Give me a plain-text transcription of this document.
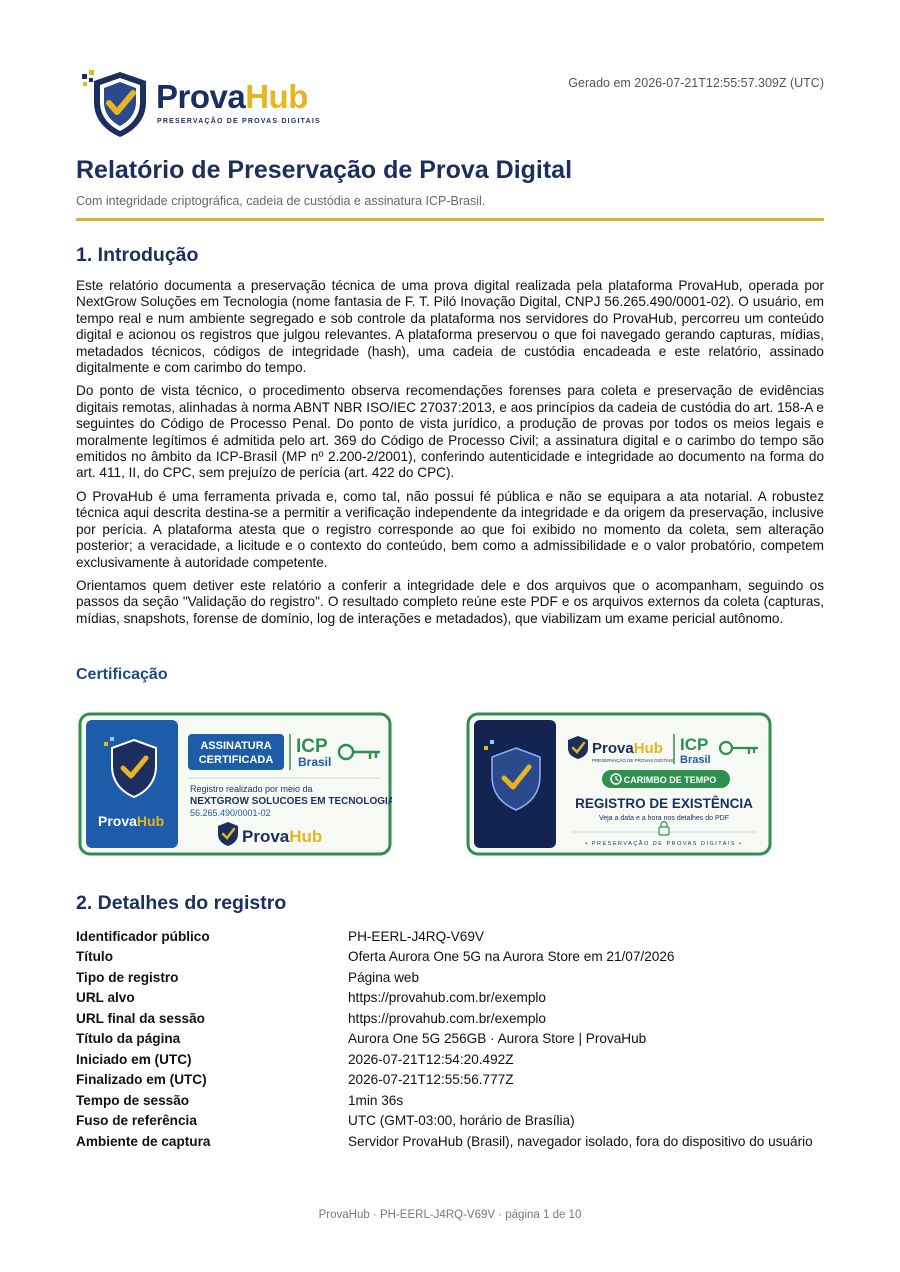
ProvaHub
PRESERVAÇÃO DE PROVAS DIGITAIS
Gerado em 2026-07-21T12:55:57.309Z (UTC)
Relatório de Preservação de Prova Digital
Com integridade criptográfica, cadeia de custódia e assinatura ICP-Brasil.
1. Introdução

Este relatório documenta a preservação técnica de uma prova digital realizada pela plataforma ProvaHub, operada por NextGrow Soluções em Tecnologia (nome fantasia de F. T. Piló Inovação Digital, CNPJ 56.265.490/0001-02). O usuário, em tempo real e num ambiente segregado e sob controle da plataforma nos servidores do ProvaHub, percorreu um conteúdo digital e acionou os registros que julgou relevantes. A plataforma preservou o que foi navegado gerando capturas, mídias, metadados técnicos, códigos de integridade (hash), uma cadeia de custódia encadeada e este relatório, assinado digitalmente e com carimbo do tempo.

Do ponto de vista técnico, o procedimento observa recomendações forenses para coleta e preservação de evidências digitais remotas, alinhadas à norma ABNT NBR ISO/IEC 27037:2013, e aos princípios da cadeia de custódia do art. 158-A e seguintes do Código de Processo Penal. Do ponto de vista jurídico, a produção de provas por todos os meios legais e moralmente legítimos é admitida pelo art. 369 do Código de Processo Civil; a assinatura digital e o carimbo do tempo são emitidos no âmbito da ICP-Brasil (MP nº 2.200-2/2001), conferindo autenticidade e integridade ao documento na forma do art. 411, II, do CPC, sem prejuízo de perícia (art. 422 do CPC).

O ProvaHub é uma ferramenta privada e, como tal, não possui fé pública e não se equipara a ata notarial. A robustez técnica aqui descrita destina-se a permitir a verificação independente da integridade e da origem da preservação, inclusive por perícia. A plataforma atesta que o registro corresponde ao que foi exibido no momento da coleta, sem alteração posterior; a veracidade, a licitude e o contexto do conteúdo, bem como a admissibilidade e o valor probatório, competem exclusivamente à autoridade competente.

Orientamos quem detiver este relatório a conferir a integridade dele e dos arquivos que o acompanham, seguindo os passos da seção "Validação do registro". O resultado completo reúne este PDF e os arquivos externos da coleta (capturas, mídias, snapshots, forense de domínio, log de interações e metadados), que viabilizam um exame pericial autônomo.

Certificação
ProvaHub
ASSINATURA
CERTIFICADA
ICP
Brasil
Registro realizado por meio da
NEXTGROW SOLUCOES EM TECNOLOGIA
56.265.490/0001-02
ProvaHub
ProvaHub
PRESERVAÇÃO DE PROVAS DIGITAIS
ICP
Brasil
CARIMBO DE TEMPO
REGISTRO DE EXISTÊNCIA
Veja a data e a hora nos detalhes do PDF
• PRESERVAÇÃO DE PROVAS DIGITAIS •
2. Detalhes do registro
Identificador público	PH-EERL-J4RQ-V69V
Título	Oferta Aurora One 5G na Aurora Store em 21/07/2026
Tipo de registro	Página web
URL alvo	https://provahub.com.br/exemplo
URL final da sessão	https://provahub.com.br/exemplo
Título da página	Aurora One 5G 256GB · Aurora Store | ProvaHub
Iniciado em (UTC)	2026-07-21T12:54:20.492Z
Finalizado em (UTC)	2026-07-21T12:55:56.777Z
Tempo de sessão	1min 36s
Fuso de referência	UTC (GMT-03:00, horário de Brasília)
Ambiente de captura	Servidor ProvaHub (Brasil), navegador isolado, fora do dispositivo do usuário
ProvaHub · PH-EERL-J4RQ-V69V · página 1 de 10
